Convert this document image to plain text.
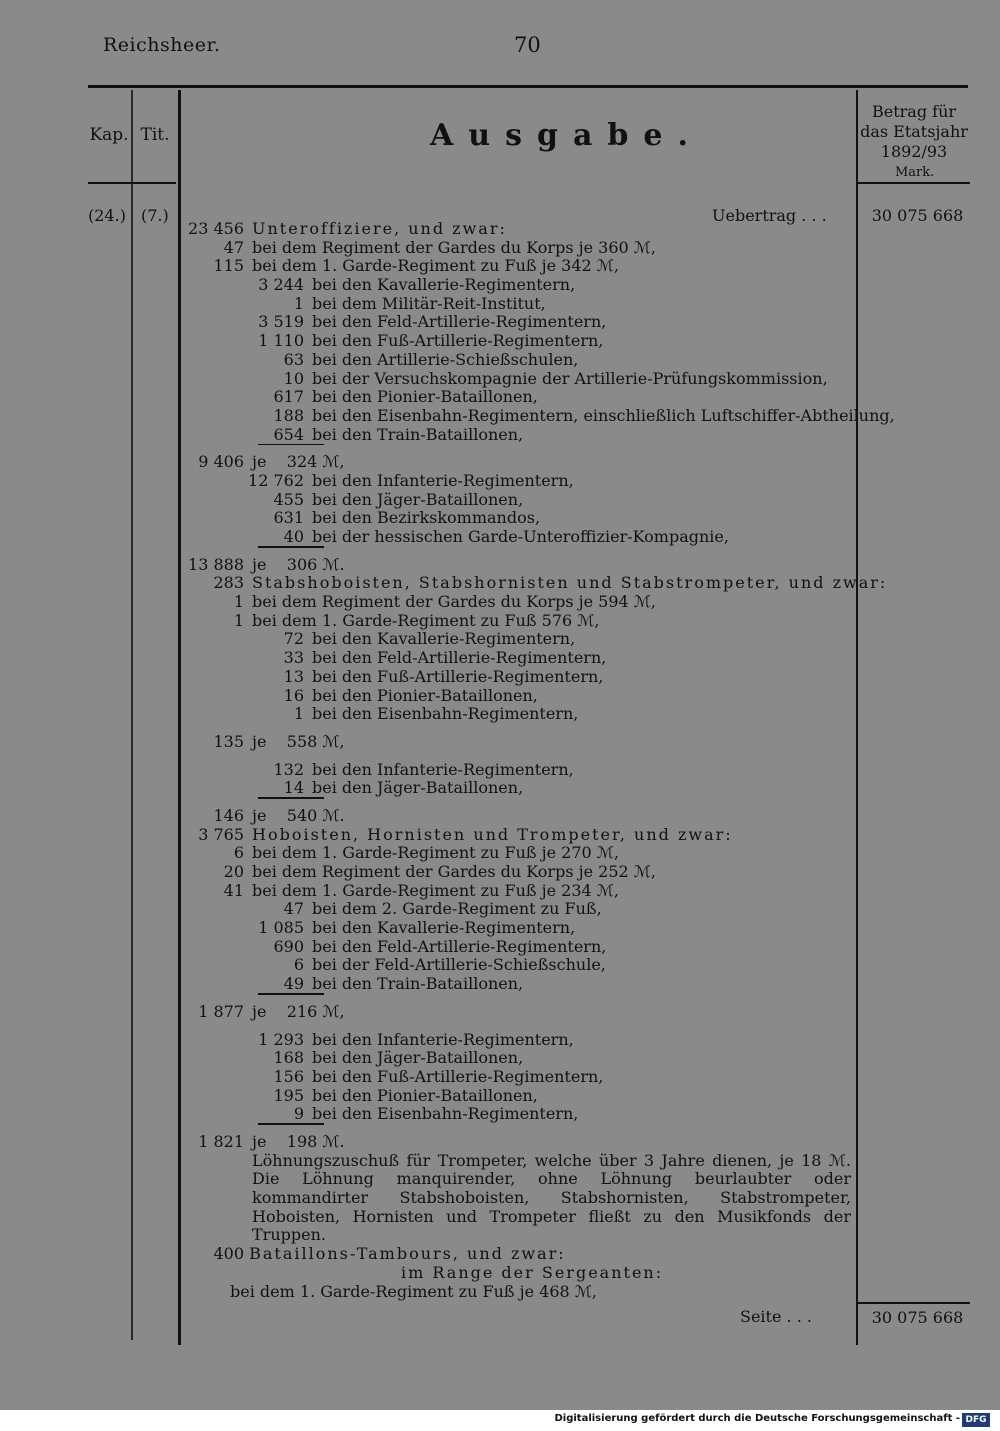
Reichsheer.	70
Kap. Tit.	Ausgabe.
Betrag für
das Etatsjahr
1892/93
Mark.
(24.) (7.)	Uebertrag . . .	30 075 668
23 456 Unteroffiziere, und zwar:
47 bei dem Regiment der Gardes du Korps je 360 ℳ,
115 bei dem 1. Garde-Regiment zu Fuß je 342 ℳ,
3 244 bei den Kavallerie-Regimentern,
1 bei dem Militär-Reit-Institut,
3 519 bei den Feld-Artillerie-Regimentern,
1 110 bei den Fuß-Artillerie-Regimentern,
63 bei den Artillerie-Schießschulen,
10 bei der Versuchskompagnie der Artillerie-Prüfungskommission,
617 bei den Pionier-Bataillonen,
188 bei den Eisenbahn-Regimentern, einschließlich Luftschiffer-Abtheilung,
654 bei den Train-Bataillonen,
9 406 je    324 ℳ,
12 762 bei den Infanterie-Regimentern,
455 bei den Jäger-Bataillonen,
631 bei den Bezirkskommandos,
40 bei der hessischen Garde-Unteroffizier-Kompagnie,
13 888 je    306 ℳ.
283 Stabshoboisten, Stabshornisten und Stabstrompeter, und zwar:
1 bei dem Regiment der Gardes du Korps je 594 ℳ,
1 bei dem 1. Garde-Regiment zu Fuß 576 ℳ,
72 bei den Kavallerie-Regimentern,
33 bei den Feld-Artillerie-Regimentern,
13 bei den Fuß-Artillerie-Regimentern,
16 bei den Pionier-Bataillonen,
1 bei den Eisenbahn-Regimentern,
135 je    558 ℳ,
132 bei den Infanterie-Regimentern,
14 bei den Jäger-Bataillonen,
146 je    540 ℳ.
3 765 Hoboisten, Hornisten und Trompeter, und zwar:
6 bei dem 1. Garde-Regiment zu Fuß je 270 ℳ,
20 bei dem Regiment der Gardes du Korps je 252 ℳ,
41 bei dem 1. Garde-Regiment zu Fuß je 234 ℳ,
47 bei dem 2. Garde-Regiment zu Fuß,
1 085 bei den Kavallerie-Regimentern,
690 bei den Feld-Artillerie-Regimentern,
6 bei der Feld-Artillerie-Schießschule,
49 bei den Train-Bataillonen,
1 877 je    216 ℳ,
1 293 bei den Infanterie-Regimentern,
168 bei den Jäger-Bataillonen,
156 bei den Fuß-Artillerie-Regimentern,
195 bei den Pionier-Bataillonen,
9 bei den Eisenbahn-Regimentern,
1 821 je    198 ℳ.
Löhnungszuschuß für Trompeter, welche über 3 Jahre dienen, je 18 ℳ. Die Löhnung manquirender, ohne Löhnung beurlaubter oder kommandirter Stabshoboisten, Stabshornisten, Stabstrompeter, Hoboisten, Hornisten und Trompeter fließt zu den Musikfonds der Truppen.
400 Bataillons-Tambours, und zwar:
im Range der Sergeanten:
bei dem 1. Garde-Regiment zu Fuß je 468 ℳ,
Seite . . .	30 075 668
Digitalisierung gefördert durch die Deutsche Forschungsgemeinschaft - DFG
